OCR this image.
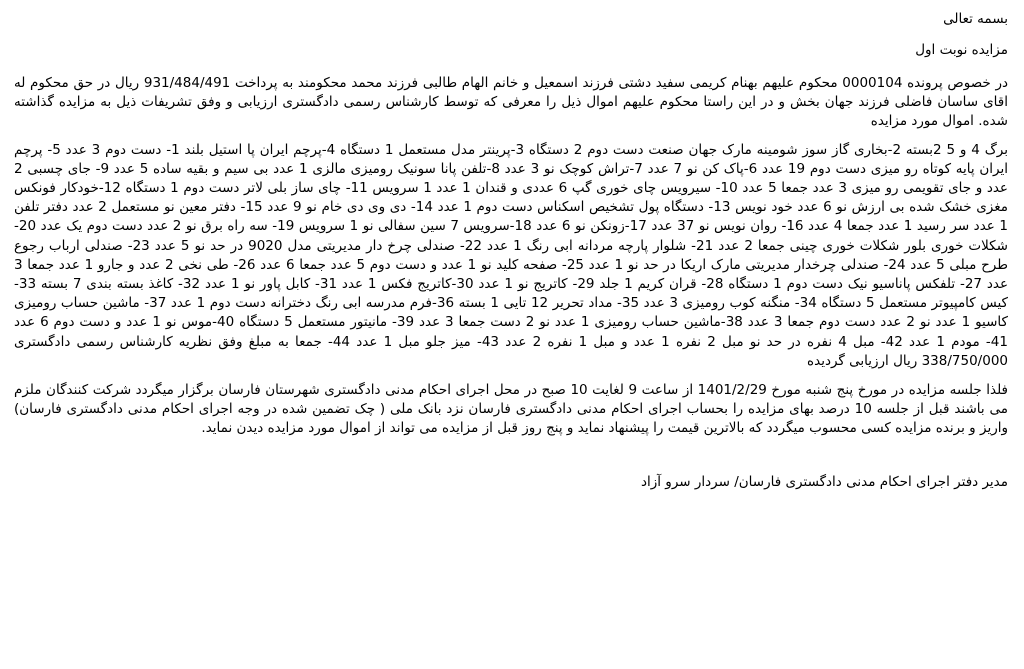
بسمه تعالی

مزایده نوبت اول

در خصوص پرونده 0000104 محکوم علیهم بهنام کریمی سفید دشتی فرزند اسمعیل و خانم الهام طالبی فرزند محمد محکومند به پرداخت 931/484/491 ریال در حق محکوم له اقای ساسان فاضلی فرزند جهان بخش و در این راستا محکوم علیهم اموال ذیل را معرفی که توسط کارشناس رسمی دادگستری ارزیابی و وفق تشریفات ذیل به مزایده گذاشته شده. اموال مورد مزایده

برگ 4 و 5 2بسته 2-بخاری گاز سوز شومینه مارک جهان صنعت دست دوم 2 دستگاه 3-پرینتر مدل مستعمل 1 دستگاه 4-پرچم ایران پا استیل بلند 1- دست دوم 3 عدد 5- پرچم ایران پایه کوتاه رو میزی دست دوم 19 عدد 6-پاک کن نو 7 عدد 7-تراش کوچک نو 3 عدد 8-تلفن پانا سونیک رومیزی مالزی 1 عدد بی سیم و بقیه ساده 5 عدد 9- جای چسبی 2 عدد و جای تقویمی رو میزی 3 عدد جمعا 5 عدد 10- سیرویس چای خوری گپ 6 عددی و قندان 1 عدد 1 سرویس 11- چای ساز بلی لاتر دست دوم 1 دستگاه 12-خودکار فونکس مغزی خشک شده بی ارزش نو 6 عدد خود نویس 13- دستگاه پول تشخیص اسکناس دست دوم 1 عدد 14- دی وی دی خام نو 9 عدد 15- دفتر معین نو مستعمل 2 عدد دفتر تلفن 1 عدد سر رسید 1 عدد جمعا 4 عدد 16- روان نویس نو 37 عدد 17-زونکن نو 6 عدد 18-سرویس 7 سین سفالی نو 1 سرویس 19- سه راه برق نو 2 عدد دست دوم یک عدد 20-شکلات خوری بلور شکلات خوری چینی جمعا 2 عدد 21- شلوار پارچه مردانه ابی رنگ 1 عدد 22- صندلی چرخ دار مدیریتی مدل 9020 در حد نو 5 عدد 23- صندلی ارباب رجوع طرح مبلی 5 عدد 24- صندلی چرخدار مدیریتی مارک اریکا در حد نو 1 عدد 25- صفحه کلید نو 1 عدد و دست دوم 5 عدد جمعا 6 عدد 26- طی نخی 2 عدد و جارو 1 عدد جمعا 3 عدد 27- تلفکس پاناسیو نیک دست دوم 1 دستگاه 28- قران کریم 1 جلد 29- کاتریج نو 1 عدد 30-کاتریج فکس 1 عدد 31- کابل پاور نو 1 عدد 32- کاغذ بسته بندی 7 بسته 33- کیس کامپیوتر مستعمل 5 دستگاه 34- منگنه کوب رومیزی 3 عدد 35- مداد تحریر 12 تایی 1 بسته 36-فرم مدرسه ابی رنگ دخترانه دست دوم 1 عدد 37- ماشین حساب رومیزی کاسیو 1 عدد نو 2 عدد دست دوم جمعا 3 عدد 38-ماشین حساب رومیزی 1 عدد نو 2 دست جمعا 3 عدد 39- مانیتور مستعمل 5 دستگاه 40-موس نو 1 عدد و دست دوم 6 عدد 41- مودم 1 عدد 42- مبل 4 نفره در حد نو مبل 2 نفره 1 عدد و مبل 1 نفره 2 عدد 43- میز جلو مبل 1 عدد 44- جمعا به مبلغ وفق نظریه کارشناس رسمی دادگستری 338/750/000 ریال ارزیابی گردیده

فلذا جلسه مزایده در مورخ پنج شنبه مورخ 1401/2/29 از ساعت 9 لغایت 10 صبح در محل اجرای احکام مدنی دادگستری شهرستان فارسان برگزار میگردد شرکت کنندگان ملزم می باشند قبل از جلسه 10 درصد بهای مزایده را بحساب اجرای احکام مدنی دادگستری فارسان نزد بانک ملی ( چک تضمین شده در وجه اجرای احکام مدنی دادگستری فارسان) واریز و برنده مزایده کسی محسوب میگردد که بالاترین قیمت را پیشنهاد نماید و پنج روز قبل از مزایده می تواند از اموال مورد مزایده دیدن نماید.

مدیر دفتر اجرای احکام مدنی دادگستری فارسان/ سردار سرو آزاد
